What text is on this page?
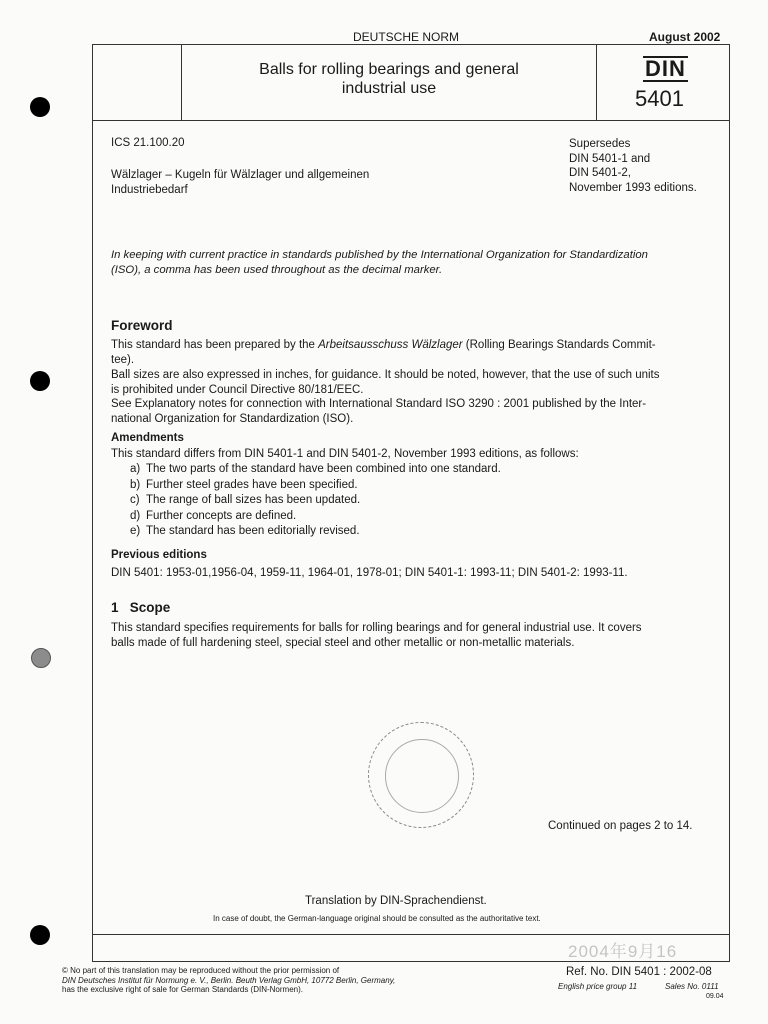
DEUTSCHE NORM	August 2002
Balls for rolling bearings and general
industrial use
DIN
5401
ICS 21.100.20
Wälzlager – Kugeln für Wälzlager und allgemeinen
Industriebedarf
Supersedes
DIN 5401-1 and
DIN 5401-2,
November 1993 editions.
In keeping with current practice in standards published by the International Organization for Standardization
(ISO), a comma has been used throughout as the decimal marker.
Foreword
This standard has been prepared by the Arbeitsausschuss Wälzlager (Rolling Bearings Standards Commit-
tee).
Ball sizes are also expressed in inches, for guidance. It should be noted, however, that the use of such units
is prohibited under Council Directive 80/181/EEC.
See Explanatory notes for connection with International Standard ISO 3290 : 2001 published by the Inter-
national Organization for Standardization (ISO).
Amendments
This standard differs from DIN 5401-1 and DIN 5401-2, November 1993 editions, as follows:
a) The two parts of the standard have been combined into one standard.
b) Further steel grades have been specified.
c) The range of ball sizes has been updated.
d) Further concepts are defined.
e) The standard has been editorially revised.
Previous editions
DIN 5401: 1953-01,1956-04, 1959-11, 1964-01, 1978-01; DIN 5401-1: 1993-11; DIN 5401-2: 1993-11.
1 Scope
This standard specifies requirements for balls for rolling bearings and for general industrial use. It covers
balls made of full hardening steel, special steel and other metallic or non-metallic materials.
Continued on pages 2 to 14.
Translation by DIN-Sprachendienst.
In case of doubt, the German-language original should be consulted as the authoritative text.
2004年9月16
© No part of this translation may be reproduced without the prior permission of
DIN Deutsches Institut für Normung e. V., Berlin. Beuth Verlag GmbH, 10772 Berlin, Germany,
has the exclusive right of sale for German Standards (DIN-Normen).
Ref. No. DIN 5401 : 2002-08
English price group 11	Sales No. 0111
09.04
